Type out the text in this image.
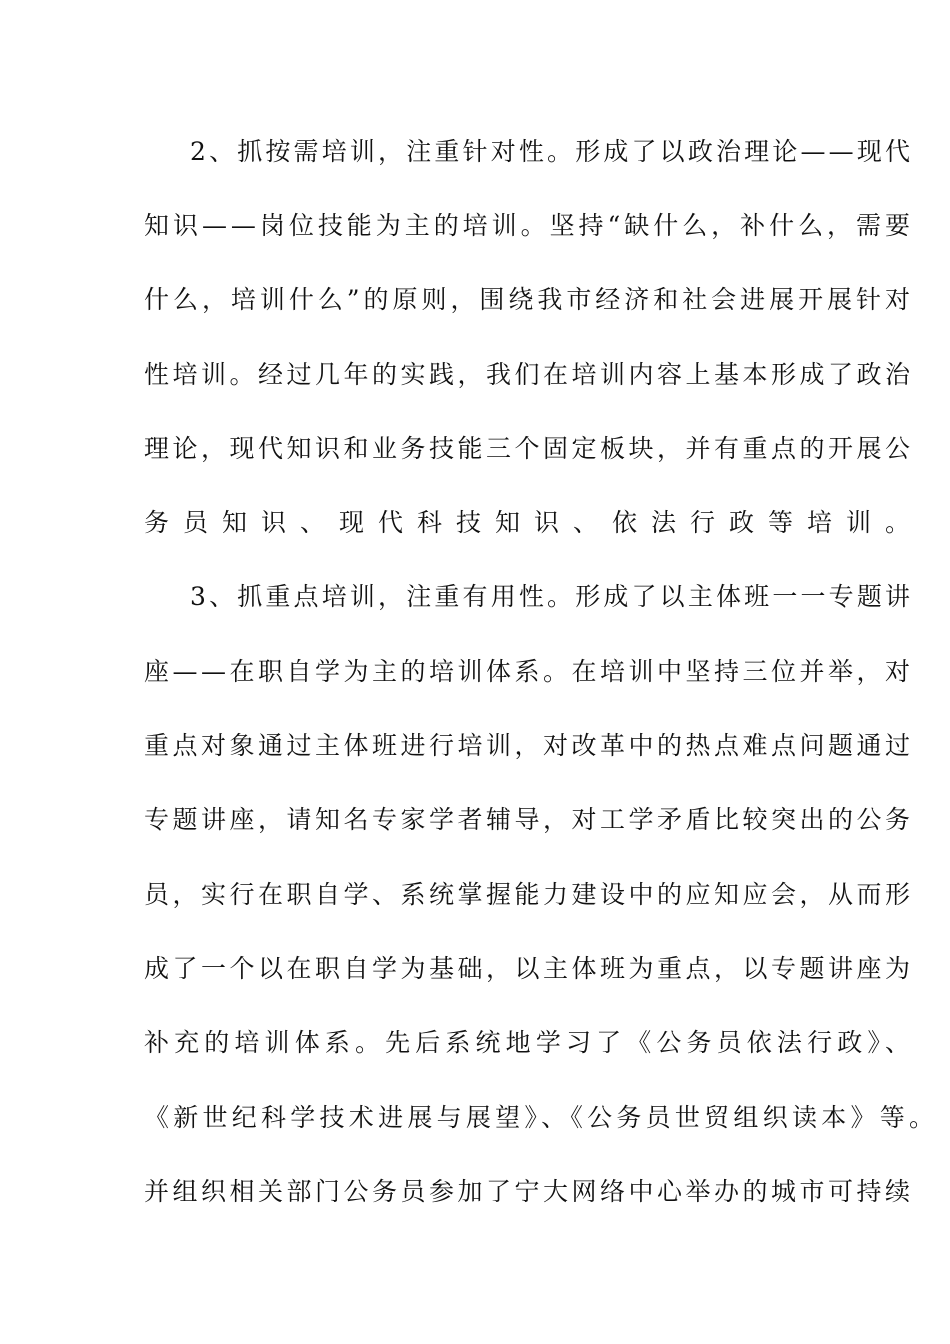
2、抓按需培训，注重针对性。形成了以政治理论——现代

知识——岗位技能为主的培训。坚持“缺什么，补什么，需要

什么，培训什么”的原则，围绕我市经济和社会进展开展针对

性培训。经过几年的实践，我们在培训内容上基本形成了政治

理论，现代知识和业务技能三个固定板块，并有重点的开展公

务员知识、现代科技知识、依法行政等培训。

3、抓重点培训，注重有用性。形成了以主体班一一专题讲

座——在职自学为主的培训体系。在培训中坚持三位并举，对

重点对象通过主体班进行培训，对改革中的热点难点问题通过

专题讲座，请知名专家学者辅导，对工学矛盾比较突出的公务

员，实行在职自学、系统掌握能力建设中的应知应会，从而形

成了一个以在职自学为基础，以主体班为重点，以专题讲座为

补充的培训体系。先后系统地学习了《公务员依法行政》、

《新世纪科学技术进展与展望》、《公务员世贸组织读本》等。

并组织相关部门公务员参加了宁大网络中心举办的城市可持续
